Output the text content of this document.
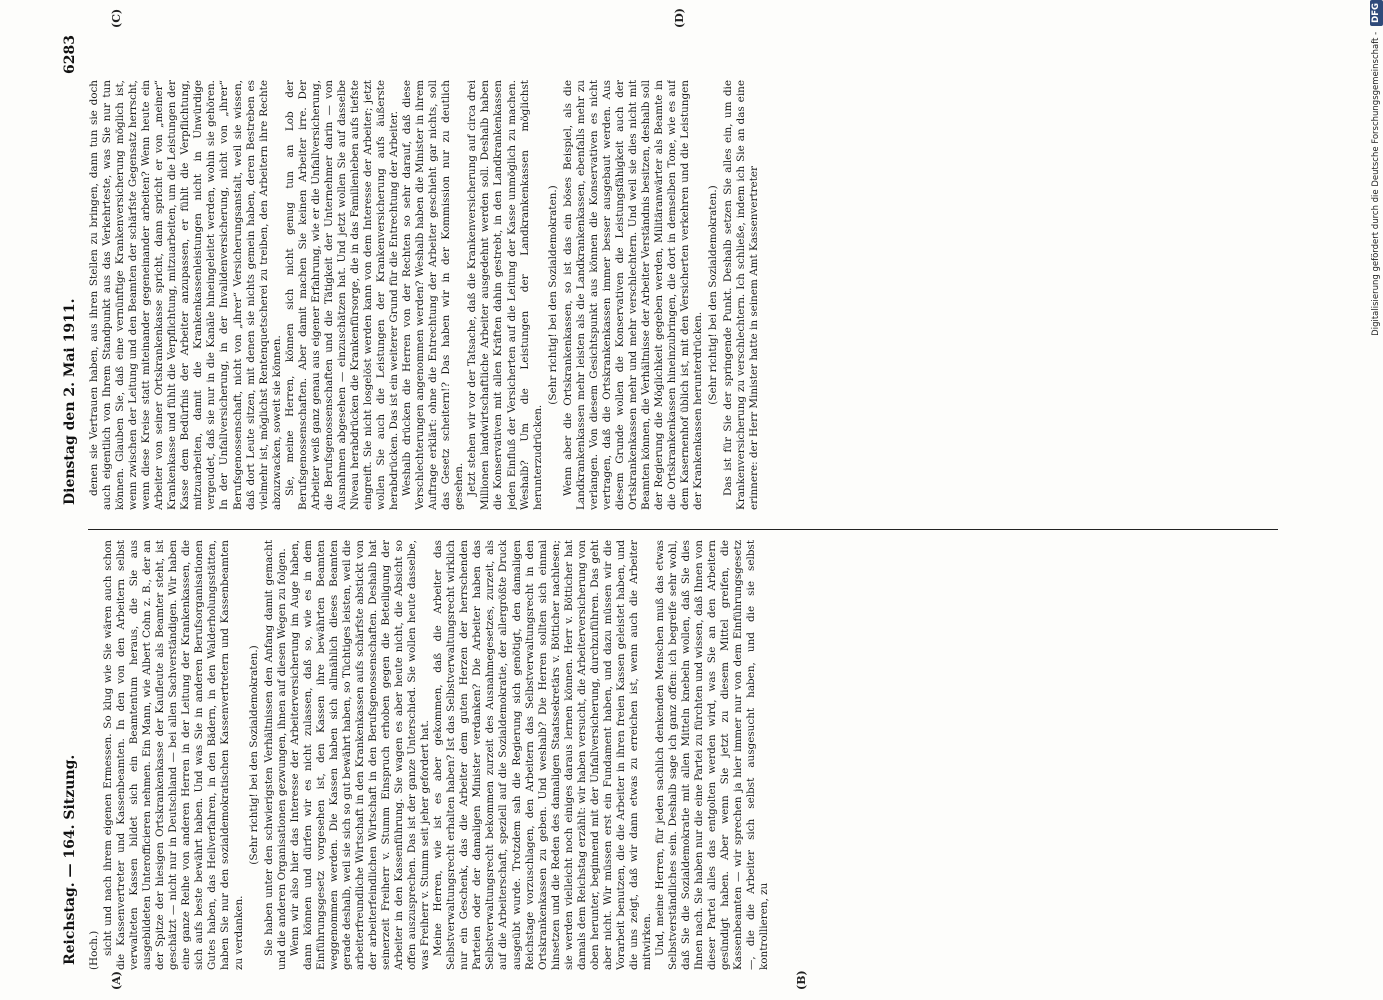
Reichstag. — 164. Sitzung.
Dienstag den 2. Mai 1911.
6283
(A)	(B)
(C)	(D)

(Hoch.) sicht und nach ihrem eigenen Ermessen. So klug wie Sie wären auch schon die Kassenvertreter und Kassenbeamten. In den von den Arbeitern selbst verwalteten Kassen bildet sich ein Beamtentum heraus, die Sie aus ausgebildeten Unterofficieren nehmen. Ein Mann, wie Albert Cohn z. B., der an der Spitze der hiesigen Ortskrankenkasse der Kaufleute als Beamter steht, ist geschätzt — nicht nur in Deutschland — bei allen Sachverständigen. Wir haben eine ganze Reihe von anderen Herren in der Leitung der Krankenkassen, die sich aufs beste bewährt haben. Und was Sie in anderen Berufsorganisationen Gutes haben, das Heilverfahren, in den Bädern, in den Walderholungsstätten, haben Sie nur den sozialdemokratischen Kassenvertretern und Kassenbeamten zu verdanken.

(Sehr richtig! bei den Sozialdemokraten.) Sie haben unter den schwierigsten Verhältnissen den Anfang damit gemacht und die anderen Organisationen gezwungen, ihnen auf diesen Wegen zu folgen. Wenn wir also hier das Interesse der Arbeiterversicherung im Auge haben, dann können und dürfen wir es nicht zulassen, daß so, wie es in dem Einführungsgesetz vorgesehen ist, den Kassen ihre bewährten Beamten weggenommen werden. Die Kassen haben sich allmählich dieses Beamten gerade deshalb, weil sie sich so gut bewährt haben, so Tüchtiges leisten, weil die arbeiterfreundliche Wirtschaft in den Krankenkassen aufs schärfste abstickt von der arbeiterfeindlichen Wirtschaft in den Berufsgenossenschaften. Deshalb hat seinerzeit Freiherr v. Stumm Einspruch erhoben gegen die Beteiligung der Arbeiter in den Kassenführung. Sie wagen es aber heute nicht, die Absicht so offen auszusprechen. Das ist der ganze Unterschied. Sie wollen heute dasselbe, was Freiherr v. Stumm seit jeher gefordert hat. Meine Herren, wie ist es aber gekommen, daß die Arbeiter das Selbstverwaltungsrecht erhalten haben? Ist das Selbstverwaltungsrecht wirklich nur ein Geschenk, das die Arbeiter dem guten Herzen der herrschenden Parteien oder der damaligen Minister verdanken? Die Arbeiter haben das Selbstverwaltungsrecht bekommen zurzeit des Ausnahmegesetzes, zurzeit, als auf die Arbeiterschaft, speziell auf die Sozialdemokratie, der allergrößte Druck ausgeübt wurde. Trotzdem sah die Regierung sich genötigt, den damaligen Reichstage vorzuschlagen, den Arbeitern das Selbstverwaltungsrecht in den Ortskrankenkassen zu geben. Und weshalb? Die Herren sollten sich einmal hinsetzen und die Reden des damaligen Staatssekretärs v. Bötticher nachlesen; sie werden vielleicht noch einiges daraus lernen können. Herr v. Bötticher hat damals dem Reichstag erzählt: wir haben versucht, die Arbeiterversicherung von oben herunter, beginnend mit der Unfallversicherung, durchzuführen. Das geht aber nicht. Wir müssen erst ein Fundament haben, und dazu müssen wir die Vorarbeit benutzen, die die Arbeiter in ihren freien Kassen geleistet haben, und die uns zeigt, daß wir dann etwas zu erreichen ist, wenn auch die Arbeiter mitwirken. Und, meine Herren, für jeden sachlich denkenden Menschen muß das etwas Selbstverständliches sein. Deshalb sage ich ganz offen: ich begreife sehr wohl, daß Sie die Sozialdemokratie mit allen Mitteln knebeln wollen, daß Sie dies Ihnen nach. Sie haben nur die eine Partei zu fürchten und wissen, daß Ihnen von dieser Partei alles das entgolten werden wird, was Sie an den Arbeitern gesündigt haben. Aber wenn Sie jetzt zu diesem Mittel greifen, die Kassenbeamten — wir sprechen ja hier immer nur von dem Einführungsgesetz —, die die Arbeiter sich selbst ausgesucht haben, und die sie selbst kontrollieren, zu

denen sie Vertrauen haben, aus ihren Stellen zu bringen, dann tun sie doch auch eigentlich von Ihrem Standpunkt aus das Verkehrteste, was Sie nur tun können. Glauben Sie, daß eine vernünftige Krankenversicherung möglich ist, wenn zwischen der Leitung und den Beamten der schärfste Gegensatz herrscht, wenn diese Kreise statt miteinander gegeneinander arbeiten? Wenn heute ein Arbeiter von seiner Ortskrankenkasse spricht, dann spricht er von „meiner“ Krankenkasse und fühlt die Verpflichtung, mitzuarbeiten, um die Leistungen der Kasse dem Bedürfnis der Arbeiter anzupassen, er fühlt die Verpflichtung, mitzuarbeiten, damit die Krankenkassenleistungen nicht in Unwürdige vergeudet, daß sie nur in die Kanäle hineingeleitet werden, wohin sie gehören. In der Unfallversicherung, in der Invalidenversicherung, nicht von „ihrer“ Berufsgenossenschaft, nicht von „ihrer“ Versicherungsanstalt, weil sie wissen, daß dort Leute sitzen, mit denen sie nichts gemein haben, deren Bestreben es vielmehr ist, möglichst Rentenquetscherei zu treiben, den Arbeitern ihre Rechte abzuzwacken, soweit sie können. Sie, meine Herren, können sich nicht genug tun an Lob der Berufsgenossenschaften. Aber damit machen Sie keinen Arbeiter irre. Der Arbeiter weiß ganz genau aus eigener Erfahrung, wie er die Unfallversicherung, die Berufsgenossenschaften und die Tätigkeit der Unternehmer darin — von Ausnahmen abgesehen — einzuschätzen hat. Und jetzt wollen Sie auf dasselbe Niveau herabdrücken die Krankenfürsorge, die in das Familienleben aufs tiefste eingreift. Sie nicht losgelöst werden kann von dem Interesse der Arbeiter; jetzt wollen Sie auch die Leistungen der Krankenversicherung aufs äußerste herabdrücken. Das ist ein weiterer Grund für die Entrechtung der Arbeiter. Weshalb drücken die Herren von der Rechten so sehr darauf, daß diese Verschlechterungen angenommen werden? Weshalb haben die Minister in ihrem Auftrage erklärt: ohne die Entrechtung der Arbeiter geschieht gar nichts, soll das Gesetz scheitern!? Das haben wir in der Kommission nur zu deutlich gesehen. Jetzt stehen wir vor der Tatsache, daß die Krankenversicherung auf circa drei Millionen landwirtschaftliche Arbeiter ausgedehnt werden soll. Deshalb haben die Konservativen mit allen Kräften dahin gestrebt, in den Landkrankenkassen jeden Einfluß der Versicherten auf die Leitung der Kasse unmöglich zu machen. Weshalb? Um die Leistungen der Landkrankenkassen möglichst herunterzudrücken.

(Sehr richtig! bei den Sozialdemokraten.) Wenn aber die Ortskrankenkassen, so ist das ein böses Beispiel, als die Landkrankenkassen mehr leisten als die Landkrankenkassen, ebenfalls mehr zu verlangen. Von diesem Gesichtspunkt aus können die Konservativen es nicht vertragen, daß die Ortskrankenkassen immer besser ausgebaut werden. Aus diesem Grunde wollen die Konservativen die Leistungsfähigkeit auch der Ortskrankenkassen mehr und mehr verschlechtern. Und weil sie dies nicht mit Beamten können, die Verhältnisse der Arbeiter Verständnis besitzen, deshalb soll der Regierung die Möglichkeit gegeben werden, Militäranwärter als Beamte in die Ortskrankenkassen hineinzubringen, die dort in demselben Tone, wie es auf dem Kasernenhof üblich ist, mit den Versicherten verkehren und die Leistungen der Krankenkassen herunterdrücken.

(Sehr richtig! bei den Sozialdemokraten.) Das ist für Sie der springende Punkt. Deshalb setzen Sie alles ein, um die Krankenversicherung zu verschlechtern. Ich schließe, indem ich Sie an das eine erinnere: der Herr Minister hatte in seinem Amt Kassenvertreter	Digitalisierung gefördert durch die Deutsche Forschungsgemeinschaft -DFG
